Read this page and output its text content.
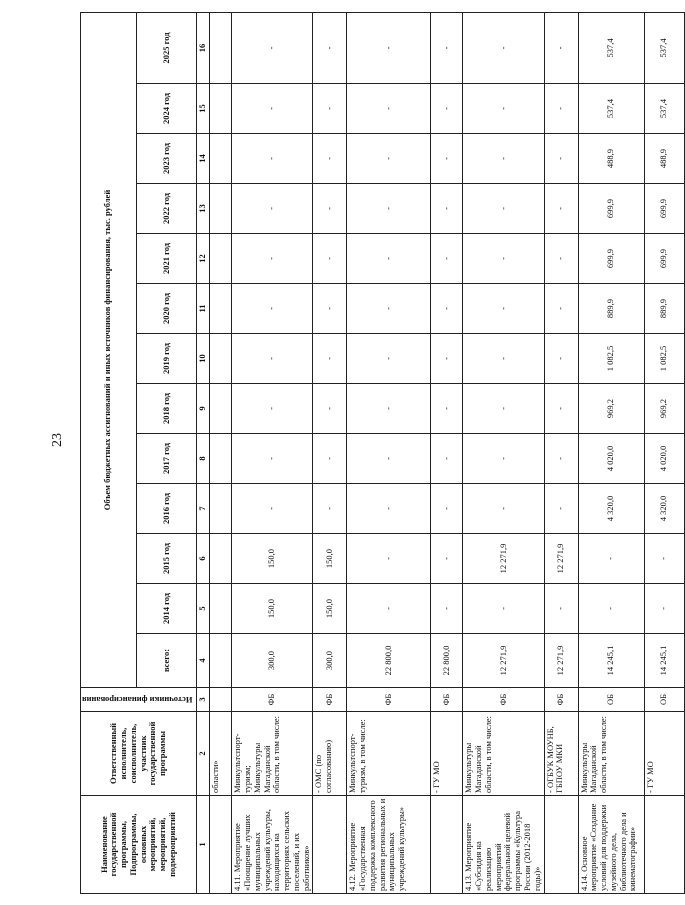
23
Наименование государственной программы, Подпрограммы, основных мероприятий, мероприятий, подмероприятий	Ответственный исполнитель, соисполнитель, участник государственной программы	Источники финансирования	Объем бюджетных ассигнований и иных источников финансирования, тыс. рублей												
			всего:	2014 год	2015 год	2016 год	2017 год	2018 год	2019 год	2020 год	2021 год	2022 год	2023 год	2024 год	2025 год
1	2	3	4	5	6	7	8	9	10	11	12	13	14	15	16
	области»														
4.11. Мероприятие «Поощрение лучших муниципальных учреждений культуры, находящихся на территориях сельских поселений, и их работников»	Минкультспорт-туризм; Минкультуры Магаданской области, в том числе:	ФБ	300,0	150,0	150,0	-	-	-	-	-	-	-	-	-	-
	- ОМС (по согласованию)	ФБ	300,0	150,0	150,0	-	-	-	-	-	-	-	-	-	-
4.12. Мероприятие «Государственная поддержка комплексного развития региональных и муниципальных учреждений культуры»	Минкультспорт-туризм, в том числе:	ФБ	22 800,0	-	-	-	-	-	-	-	-	-	-	-	-
	- ГУ МО	ФБ	22 800,0	-	-	-	-	-	-	-	-	-	-	-	-
4.13. Мероприятие «Субсидия на реализацию мероприятий федеральной целевой программы «Культура России (2012-2018 годы)»	Минкультуры Магаданской области, в том числе:	ФБ	12 271,9	-	12 271,9	-	-	-	-	-	-	-	-	-	-
	- ОГБУК МОУНБ, ГБПОУ МКИ	ФБ	12 271,9	-	12 271,9	-	-	-	-	-	-	-	-	-	-
4.14. Основное мероприятие «Создание условий для поддержки музейного дела, библиотечного дела и кинематографии»	Минкультуры Магаданской области, в том числе:	ОБ	14 245,1	-	-	4 320,0	4 020,0	969,2	1 082,5	889,9	699,9	699,9	488,9	537,4	537,4
	- ГУ МО	ОБ	14 245,1	-	-	4 320,0	4 020,0	969,2	1 082,5	889,9	699,9	699,9	488,9	537,4	537,4
